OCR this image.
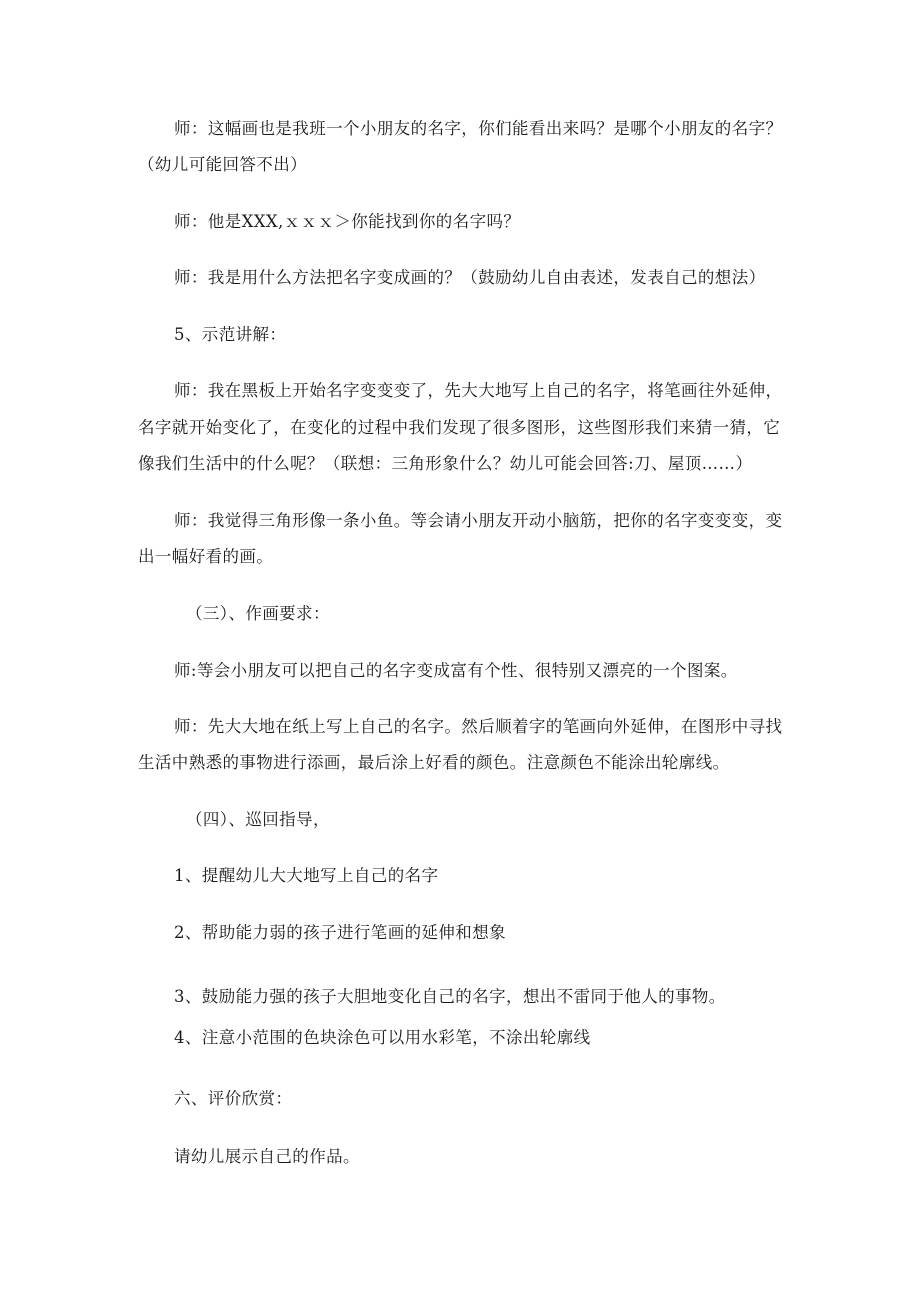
师：这幅画也是我班一个小朋友的名字，你们能看出来吗？是哪个小朋友的名字？
（幼儿可能回答不出）
师：他是XXX,ｘｘｘ＞你能找到你的名字吗？
师：我是用什么方法把名字变成画的？（鼓励幼儿自由表述，发表自己的想法）
5、示范讲解：
师：我在黑板上开始名字变变变了，先大大地写上自己的名字，将笔画往外延伸，
名字就开始变化了，在变化的过程中我们发现了很多图形，这些图形我们来猜一猜，它
像我们生活中的什么呢？（联想：三角形象什么？幼儿可能会回答:刀、屋顶……）
师：我觉得三角形像一条小鱼。等会请小朋友开动小脑筋，把你的名字变变变，变
出一幅好看的画。
（三）、作画要求：
师:等会小朋友可以把自己的名字变成富有个性、很特别又漂亮的一个图案。
师：先大大地在纸上写上自己的名字。然后顺着字的笔画向外延伸，在图形中寻找
生活中熟悉的事物进行添画，最后涂上好看的颜色。注意颜色不能涂出轮廓线。
（四）、巡回指导，
1、提醒幼儿大大地写上自己的名字
2、帮助能力弱的孩子进行笔画的延伸和想象
3、鼓励能力强的孩子大胆地变化自己的名字，想出不雷同于他人的事物。
4、注意小范围的色块涂色可以用水彩笔，不涂出轮廓线
六、评价欣赏：
请幼儿展示自己的作品。
